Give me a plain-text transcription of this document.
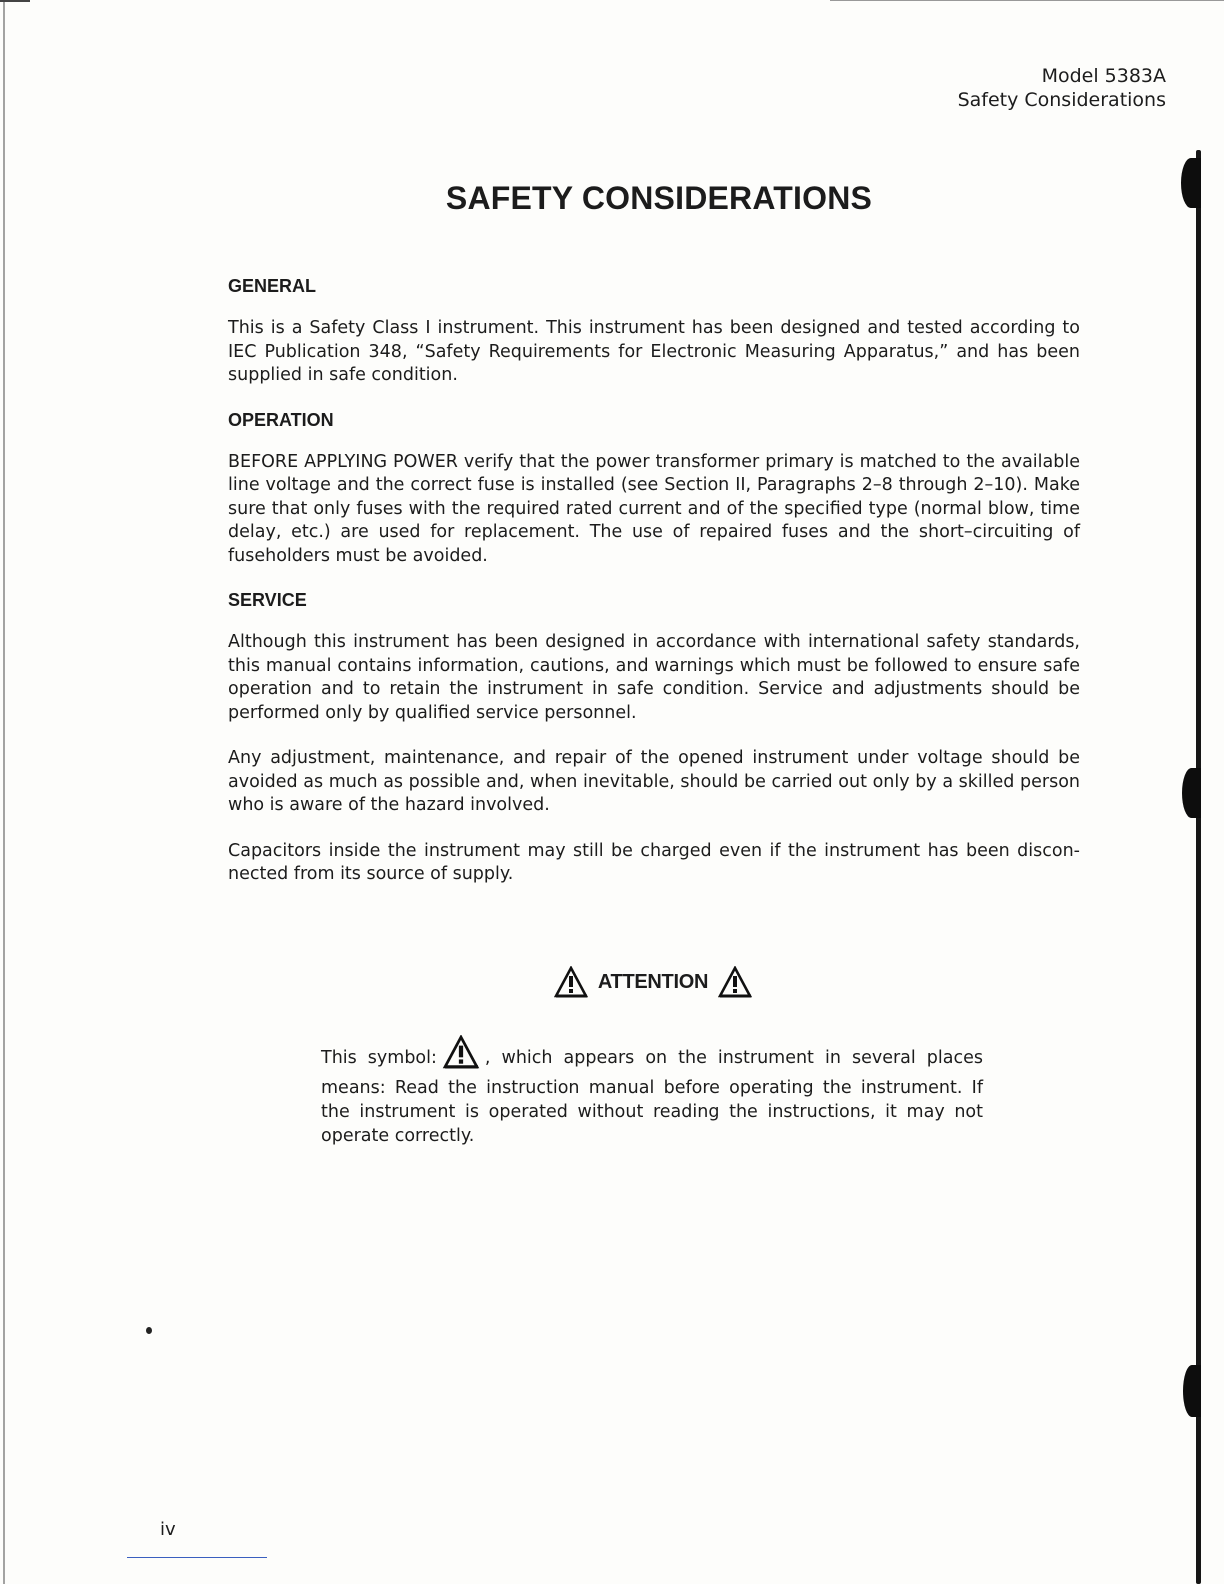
Model 5383A
Safety Considerations
SAFETY CONSIDERATIONS
GENERAL

This is a Safety Class I instrument. This instrument has been designed and tested according to IEC Publication 348, “Safety Requirements for Electronic Measuring Apparatus,” and has been supplied in safe condition.

OPERATION

BEFORE APPLYING POWER verify that the power transformer primary is matched to the available line voltage and the correct fuse is installed (see Section II, Paragraphs 2–8 through 2–10). Make sure that only fuses with the required rated current and of the specified type (normal blow, time delay, etc.) are used for replacement. The use of repaired fuses and the short–circuiting of fuseholders must be avoided.

SERVICE

Although this instrument has been designed in accordance with international safety standards, this manual contains information, cautions, and warnings which must be followed to ensure safe operation and to retain the instrument in safe condition. Service and adjustments should be performed only by qualified service personnel.

Any adjustment, maintenance, and repair of the opened instrument under voltage should be avoided as much as possible and, when inevitable, should be carried out only by a skilled person who is aware of the hazard involved.

Capacitors inside the instrument may still be charged even if the instrument has been discon- nected from its source of supply.

ATTENTION
This symbol:	, which appears on the instrument in several places means: Read the instruction manual before operating the instrument. If the instrument is operated without reading the instructions, it may not operate correctly.
iv
